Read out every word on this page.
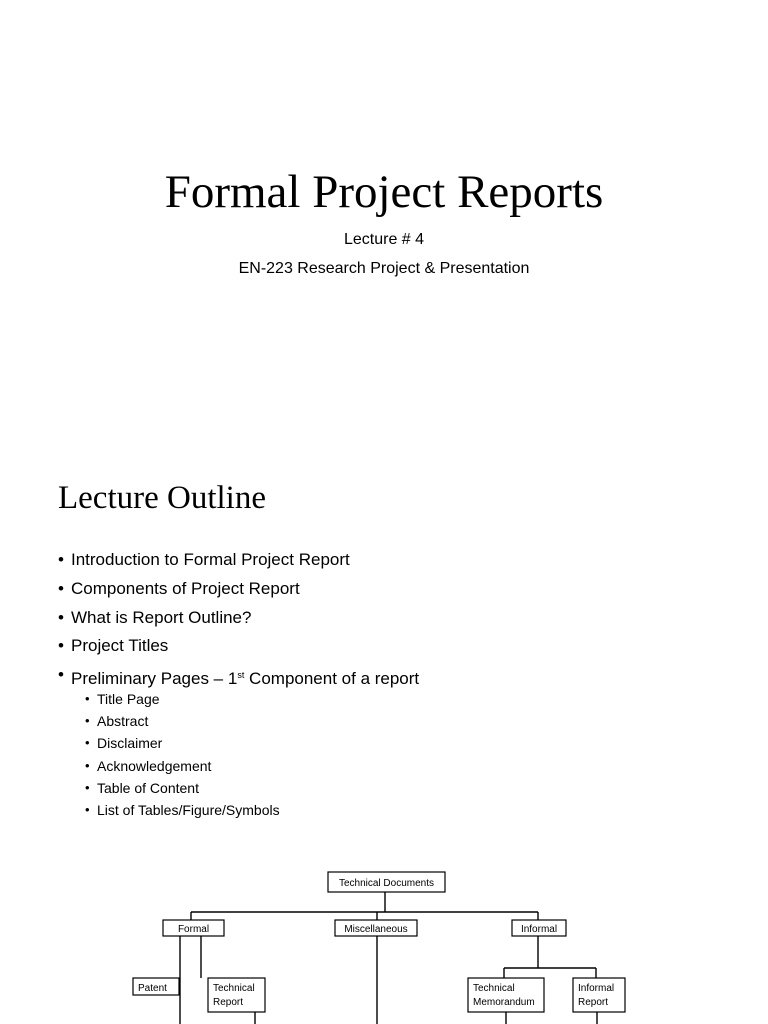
Formal Project Reports
Lecture # 4
EN-223 Research Project & Presentation
Lecture Outline
• Introduction to Formal Project Report
• Components of Project Report
• What is Report Outline?
• Project Titles
• Preliminary Pages – 1st Component of a report
• Title Page
• Abstract
• Disclaimer
• Acknowledgement
• Table of Content
• List of Tables/Figure/Symbols
Technical Documents
Formal	Miscellaneous	Informal
Patent	Technical
Report
Technical
Memorandum
Informal
Report
